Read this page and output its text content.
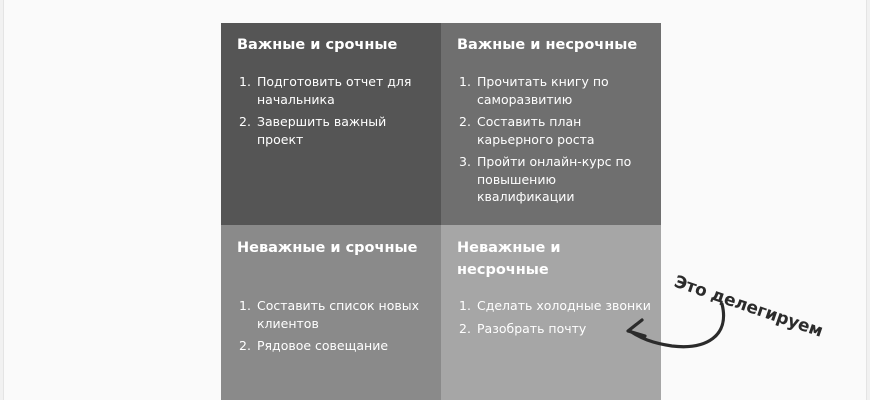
Важные и срочные
1. Подготовить отчет для начальника
2. Завершить важный проект
Важные и несрочные
1. Прочитать книгу по саморазвитию
2. Составить план карьерного роста
3. Пройти онлайн-курс по повышению квалификации
Неважные и срочные
1. Составить список новых клиентов
2. Рядовое совещание
Неважные и несрочные
1. Сделать холодные звонки
2. Разобрать почту	Это делегируем
